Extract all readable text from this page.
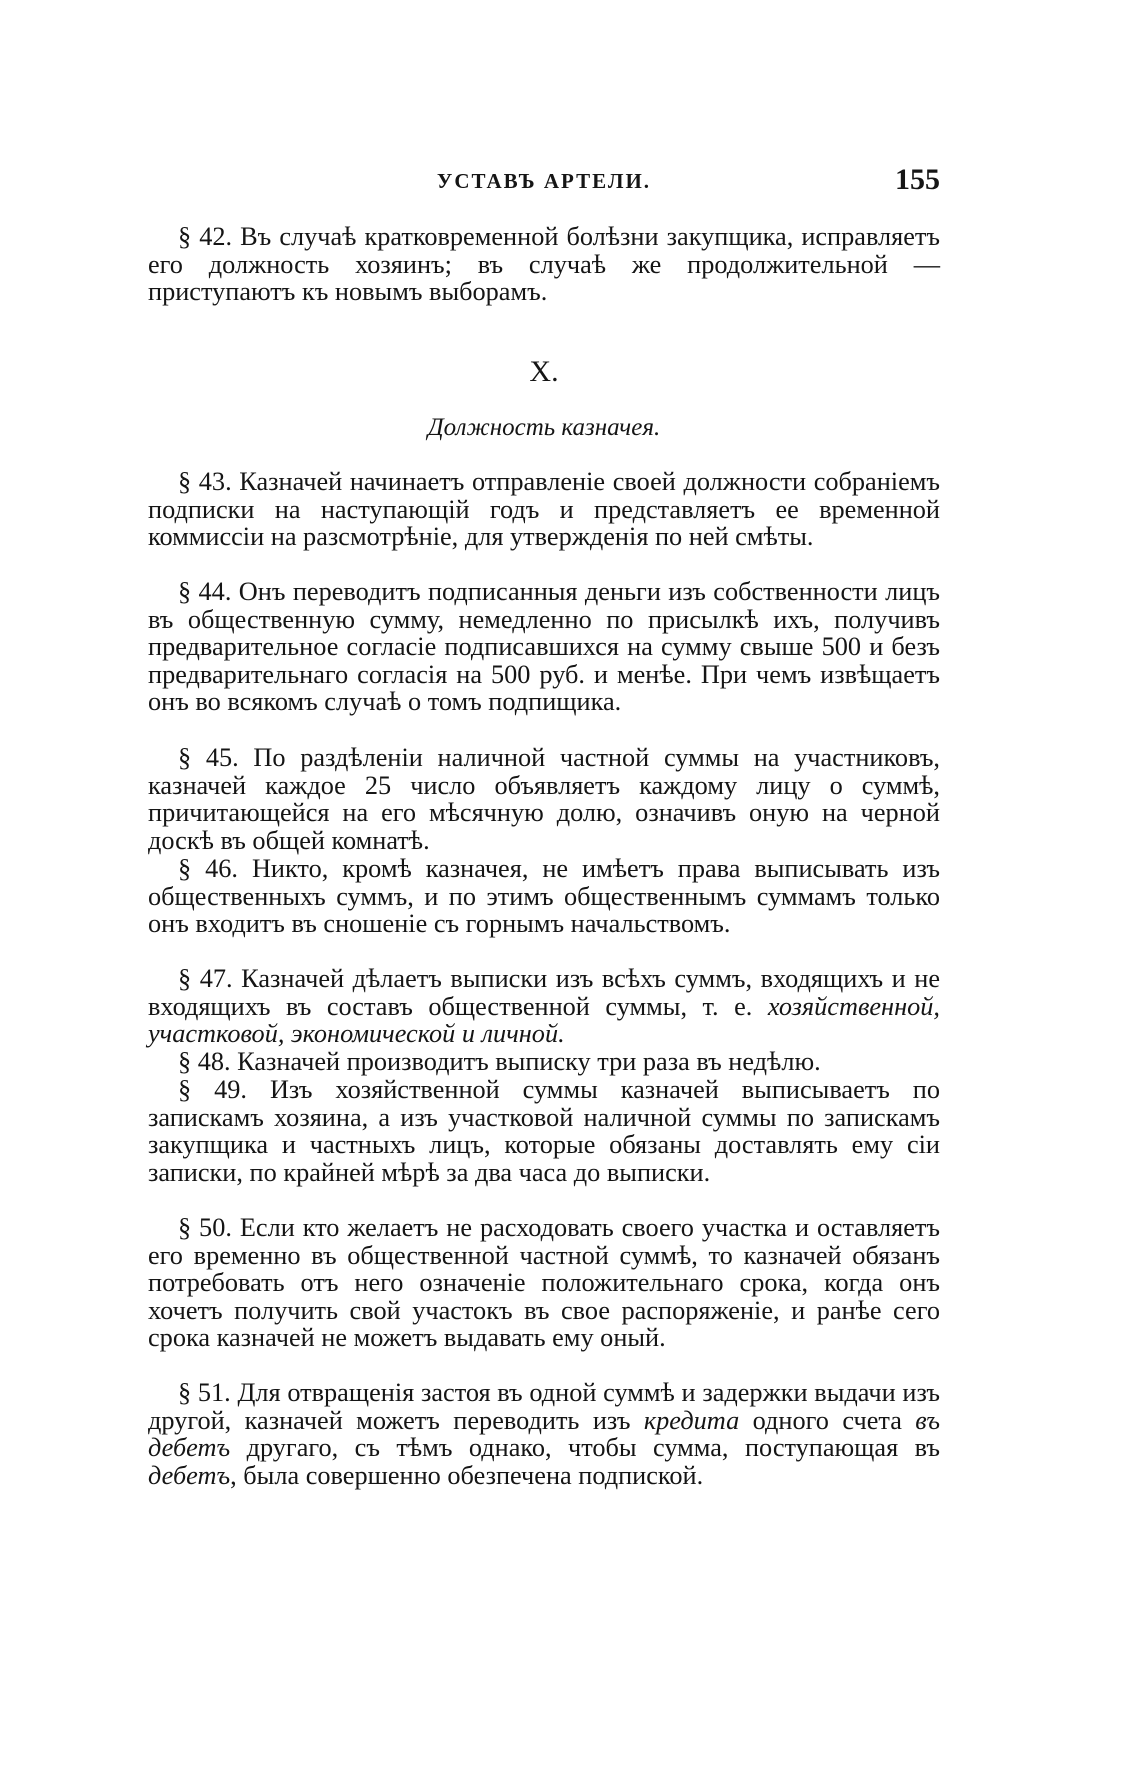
УСТАВЪ АРТЕЛИ.	155

§ 42. Въ случаѣ кратковременной болѣзни закупщика, исправляетъ его должность хозяинъ; въ случаѣ же продолжительной — приступаютъ къ новымъ выборамъ.

X.
Должность казначея.

§ 43. Казначей начинаетъ отправленіе своей должности собраніемъ подписки на наступающій годъ и представляетъ ее временной коммиссіи на разсмотрѣніе, для утвержденія по ней смѣты.

§ 44. Онъ переводитъ подписанныя деньги изъ собственности лицъ въ общественную сумму, немедленно по присылкѣ ихъ, получивъ предварительное согласіе подписавшихся на сумму свыше 500 и безъ предварительнаго согласія на 500 руб. и менѣе. При чемъ извѣщаетъ онъ во всякомъ случаѣ о томъ подпищика.

§ 45. По раздѣленіи наличной частной суммы на участниковъ, казначей каждое 25 число объявляетъ каждому лицу о суммѣ, причитающейся на его мѣсячную долю, означивъ оную на черной доскѣ въ общей комнатѣ.

§ 46. Никто, кромѣ казначея, не имѣетъ права выписывать изъ общественныхъ суммъ, и по этимъ общественнымъ суммамъ только онъ входитъ въ сношеніе съ горнымъ начальствомъ.

§ 47. Казначей дѣлаетъ выписки изъ всѣхъ суммъ, входящихъ и не входящихъ въ составъ общественной суммы, т. е. хозяйственной, участковой, экономической и личной.

§ 48. Казначей производитъ выписку три раза въ недѣлю.

§ 49. Изъ хозяйственной суммы казначей выписываетъ по запискамъ хозяина, а изъ участковой наличной суммы по запискамъ закупщика и частныхъ лицъ, которые обязаны доставлять ему сіи записки, по крайней мѣрѣ за два часа до выписки.

§ 50. Если кто желаетъ не расходовать своего участка и оставляетъ его временно въ общественной частной суммѣ, то казначей обязанъ потребовать отъ него означеніе положительнаго срока, когда онъ хочетъ получить свой участокъ въ свое распоряженіе, и ранѣе сего срока казначей не можетъ выдавать ему оный.

§ 51. Для отвращенія застоя въ одной суммѣ и задержки выдачи изъ другой, казначей можетъ переводить изъ кредита одного счета въ дебетъ другаго, съ тѣмъ однако, чтобы сумма, поступающая въ дебетъ, была совершенно обезпечена подпиской.
